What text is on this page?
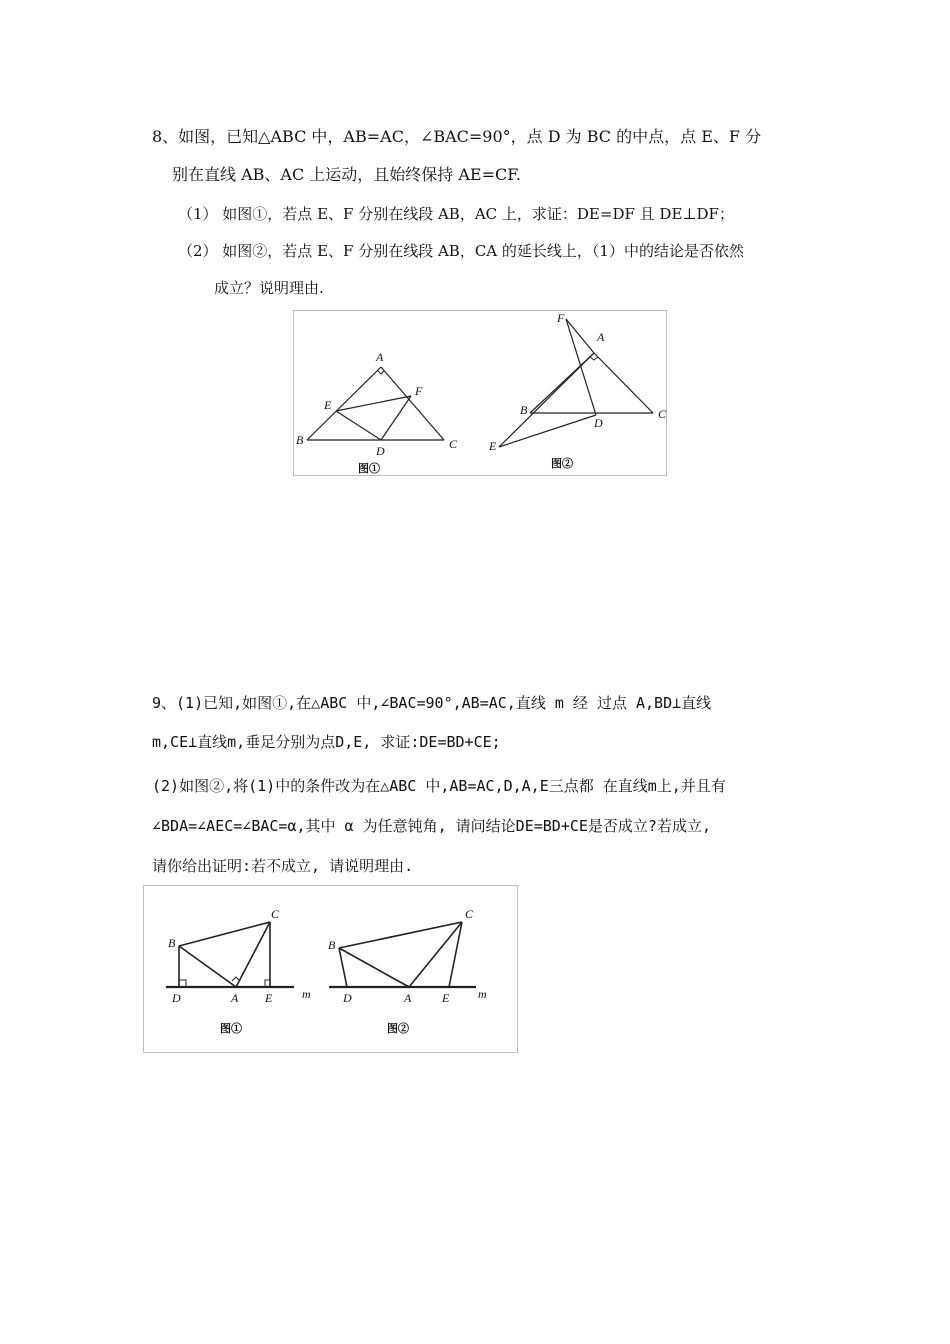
8、如图，已知△ABC 中，AB=AC，∠BAC=90°，点 D 为 BC 的中点，点 E、F 分
别在直线 AB、AC 上运动，且始终保持 AE=CF.
（1） 如图①，若点 E、F 分别在线段 AB，AC 上，求证：DE=DF 且 DE⊥DF；
（2） 如图②，若点 E、F 分别在线段 AB，CA 的延长线上，（1）中的结论是否依然
成立？说明理由.
A
B	C
D
E
F
图①
A
B	C
D
E
F
图②
9、(1)已知,如图①,在△ABC 中,∠BAC=90°,AB=AC,直线 m 经 过点 A,BD⊥直线
m,CE⊥直线m,垂足分别为点D,E, 求证:DE=BD+CE;
(2)如图②,将(1)中的条件改为在△ABC 中,AB=AC,D,A,E三点都 在直线m上,并且有
∠BDA=∠AEC=∠BAC=α,其中 α 为任意钝角, 请问结论DE=BD+CE是否成立?若成立,
请你给出证明:若不成立, 请说明理由.
B
C
D	A E m
图①
B
C
D	A	E m
图②
